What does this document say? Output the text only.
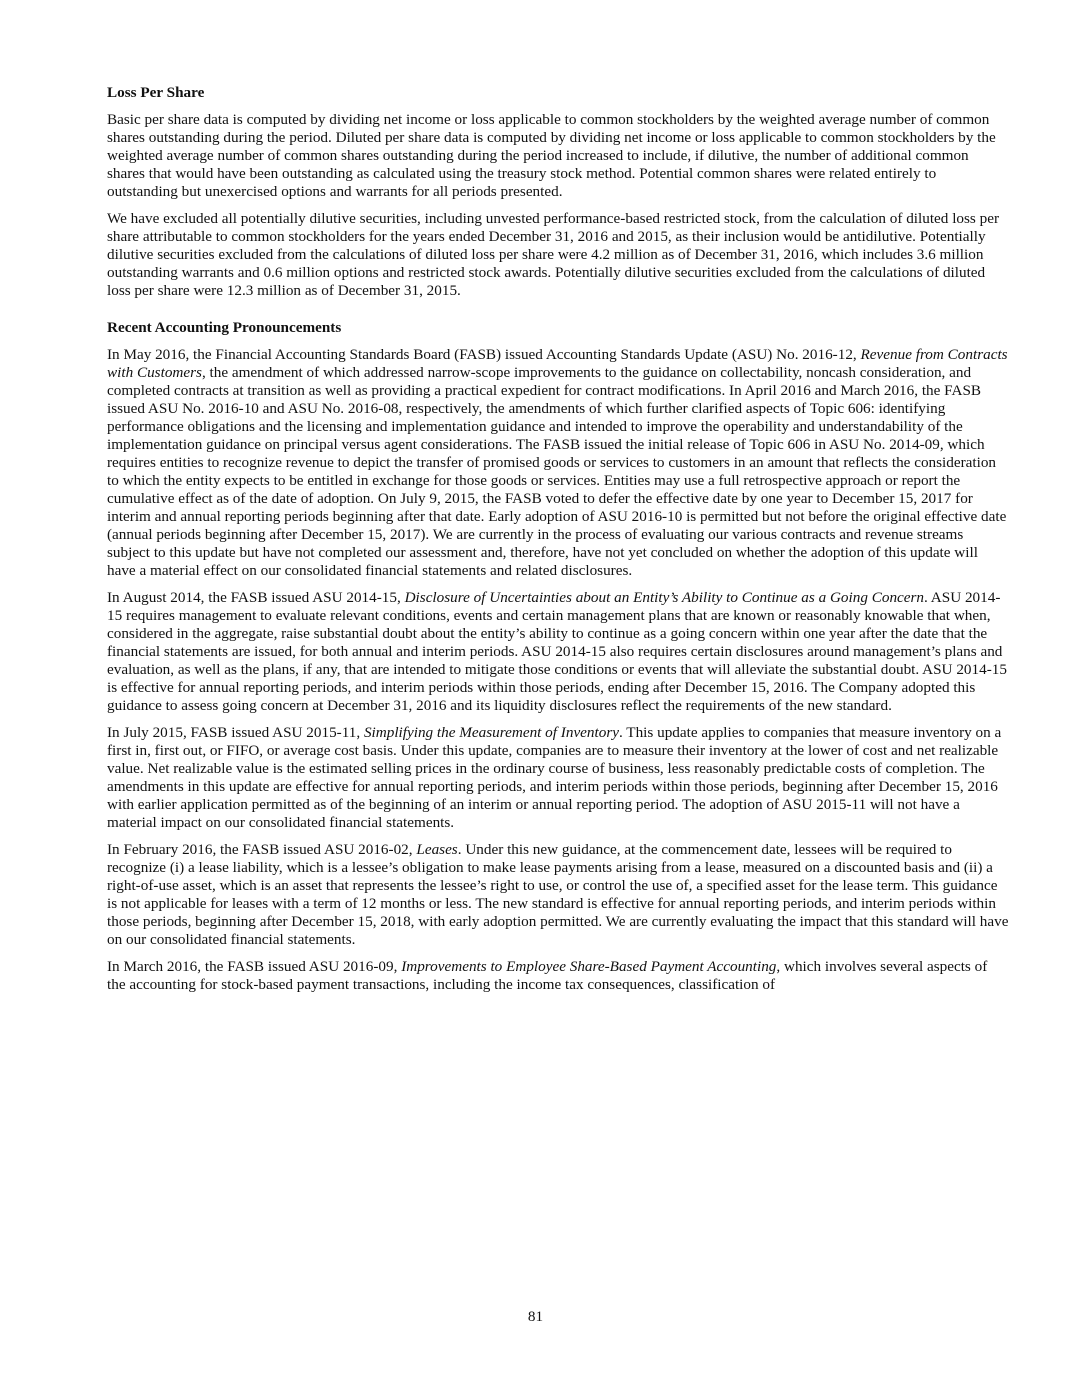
Loss Per Share

Basic per share data is computed by dividing net income or loss applicable to common stockholders by the weighted average number of common shares outstanding during the period. Diluted per share data is computed by dividing net income or loss applicable to common stockholders by the weighted average number of common shares outstanding during the period increased to include, if dilutive, the number of additional common shares that would have been outstanding as calculated using the treasury stock method. Potential common shares were related entirely to outstanding but unexercised options and warrants for all periods presented.

We have excluded all potentially dilutive securities, including unvested performance-based restricted stock, from the calculation of diluted loss per share attributable to common stockholders for the years ended December 31, 2016 and 2015, as their inclusion would be antidilutive. Potentially dilutive securities excluded from the calculations of diluted loss per share were 4.2 million as of December 31, 2016, which includes 3.6 million outstanding warrants and 0.6 million options and restricted stock awards. Potentially dilutive securities excluded from the calculations of diluted loss per share were 12.3 million as of December 31, 2015.

Recent Accounting Pronouncements

In May 2016, the Financial Accounting Standards Board (FASB) issued Accounting Standards Update (ASU) No. 2016-12, Revenue from Contracts with Customers, the amendment of which addressed narrow-scope improvements to the guidance on collectability, noncash consideration, and completed contracts at transition as well as providing a practical expedient for contract modifications. In April 2016 and March 2016, the FASB issued ASU No. 2016-10 and ASU No. 2016-08, respectively, the amendments of which further clarified aspects of Topic 606: identifying performance obligations and the licensing and implementation guidance and intended to improve the operability and understandability of the implementation guidance on principal versus agent considerations. The FASB issued the initial release of Topic 606 in ASU No. 2014-09, which requires entities to recognize revenue to depict the transfer of promised goods or services to customers in an amount that reflects the consideration to which the entity expects to be entitled in exchange for those goods or services. Entities may use a full retrospective approach or report the cumulative effect as of the date of adoption. On July 9, 2015, the FASB voted to defer the effective date by one year to December 15, 2017 for interim and annual reporting periods beginning after that date. Early adoption of ASU 2016-10 is permitted but not before the original effective date (annual periods beginning after December 15, 2017). We are currently in the process of evaluating our various contracts and revenue streams subject to this update but have not completed our assessment and, therefore, have not yet concluded on whether the adoption of this update will have a material effect on our consolidated financial statements and related disclosures.

In August 2014, the FASB issued ASU 2014-15, Disclosure of Uncertainties about an Entity’s Ability to Continue as a Going Concern. ASU 2014-15 requires management to evaluate relevant conditions, events and certain management plans that are known or reasonably knowable that when, considered in the aggregate, raise substantial doubt about the entity’s ability to continue as a going concern within one year after the date that the financial statements are issued, for both annual and interim periods. ASU 2014-15 also requires certain disclosures around management’s plans and evaluation, as well as the plans, if any, that are intended to mitigate those conditions or events that will alleviate the substantial doubt. ASU 2014-15 is effective for annual reporting periods, and interim periods within those periods, ending after December 15, 2016. The Company adopted this guidance to assess going concern at December 31, 2016 and its liquidity disclosures reflect the requirements of the new standard.

In July 2015, FASB issued ASU 2015-11, Simplifying the Measurement of Inventory. This update applies to companies that measure inventory on a first in, first out, or FIFO, or average cost basis. Under this update, companies are to measure their inventory at the lower of cost and net realizable value. Net realizable value is the estimated selling prices in the ordinary course of business, less reasonably predictable costs of completion. The amendments in this update are effective for annual reporting periods, and interim periods within those periods, beginning after December 15, 2016 with earlier application permitted as of the beginning of an interim or annual reporting period. The adoption of ASU 2015-11 will not have a material impact on our consolidated financial statements.

In February 2016, the FASB issued ASU 2016-02, Leases. Under this new guidance, at the commencement date, lessees will be required to recognize (i) a lease liability, which is a lessee’s obligation to make lease payments arising from a lease, measured on a discounted basis and (ii) a right-of-use asset, which is an asset that represents the lessee’s right to use, or control the use of, a specified asset for the lease term. This guidance is not applicable for leases with a term of 12 months or less. The new standard is effective for annual reporting periods, and interim periods within those periods, beginning after December 15, 2018, with early adoption permitted. We are currently evaluating the impact that this standard will have on our consolidated financial statements.

In March 2016, the FASB issued ASU 2016-09, Improvements to Employee Share-Based Payment Accounting, which involves several aspects of the accounting for stock-based payment transactions, including the income tax consequences, classification of

81
